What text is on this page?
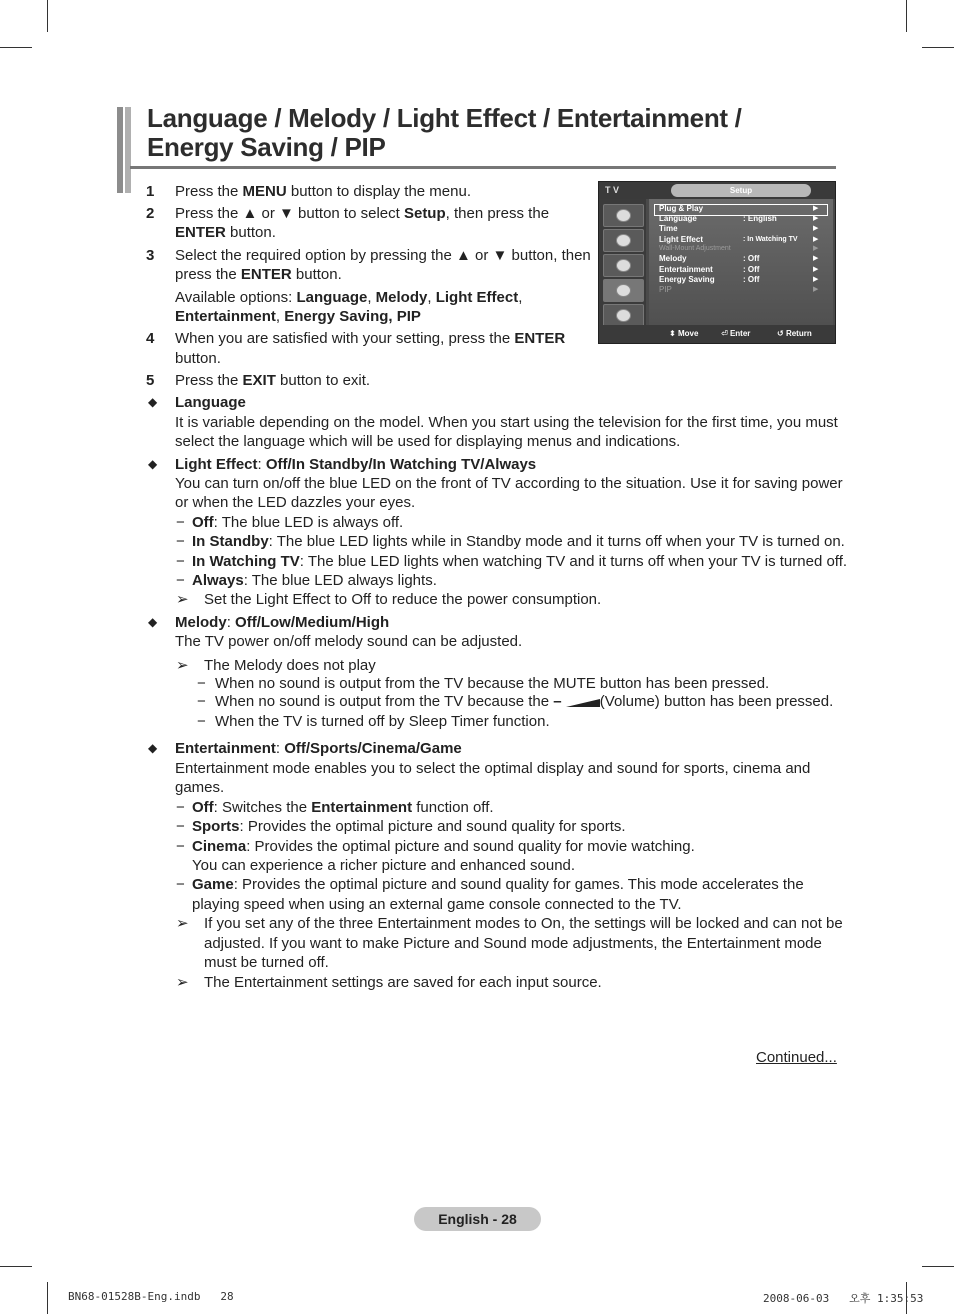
Language / Melody / Light Effect / Entertainment /
Energy Saving / PIP
1 Press the MENU button to display the menu.
2 Press the ▲ or ▼ button to select Setup, then press the
ENTER button.
3 Select the required option by pressing the ▲ or ▼ button, then
press the ENTER button.
Available options: Language, Melody, Light Effect,
Entertainment, Energy Saving, PIP
4 When you are satisfied with your setting, press the ENTER
button.
5 Press the EXIT button to exit.
T V	Setup
Plug & Play	▶
Language	: English	▶
Time	▶
Light Effect	: In Watching TV ▶
Wall-Mount Adjustment	▶
Melody	: Off	▶
Entertainment	: Off	▶
Energy Saving	: Off	▶
PIP	▶
⬍ Move	⏎ Enter	↺ Return
◆ Language
It is variable depending on the model. When you start using the television for the first time, you must
select the language which will be used for displaying menus and indications.
◆ Light Effect: Off/In Standby/In Watching TV/Always
You can turn on/off the blue LED on the front of TV according to the situation. Use it for saving power
or when the LED dazzles your eyes.
− Off: The blue LED is always off.
− In Standby: The blue LED lights while in Standby mode and it turns off when your TV is turned on.
− In Watching TV: The blue LED lights when watching TV and it turns off when your TV is turned off.
− Always: The blue LED always lights.
➢ Set the Light Effect to Off to reduce the power consumption.
◆ Melody: Off/Low/Medium/High
The TV power on/off melody sound can be adjusted.
➢ The Melody does not play
− When no sound is output from the TV because the MUTE button has been pressed.
− When no sound is output from the TV because the –	(Volume) button has been pressed.
− When the TV is turned off by Sleep Timer function.
◆ Entertainment: Off/Sports/Cinema/Game
Entertainment mode enables you to select the optimal display and sound for sports, cinema and
games.
− Off: Switches the Entertainment function off.
− Sports: Provides the optimal picture and sound quality for sports.
− Cinema: Provides the optimal picture and sound quality for movie watching.
You can experience a richer picture and enhanced sound.
− Game: Provides the optimal picture and sound quality for games. This mode accelerates the
playing speed when using an external game console connected to the TV.
➢ If you set any of the three Entertainment modes to On, the settings will be locked and can not be
adjusted. If you want to make Picture and Sound mode adjustments, the Entertainment mode
must be turned off.
➢ The Entertainment settings are saved for each input source.
Continued...
English - 28
BN68-01528B-Eng.indb   28	2008-06-03   오후 1:35:53
